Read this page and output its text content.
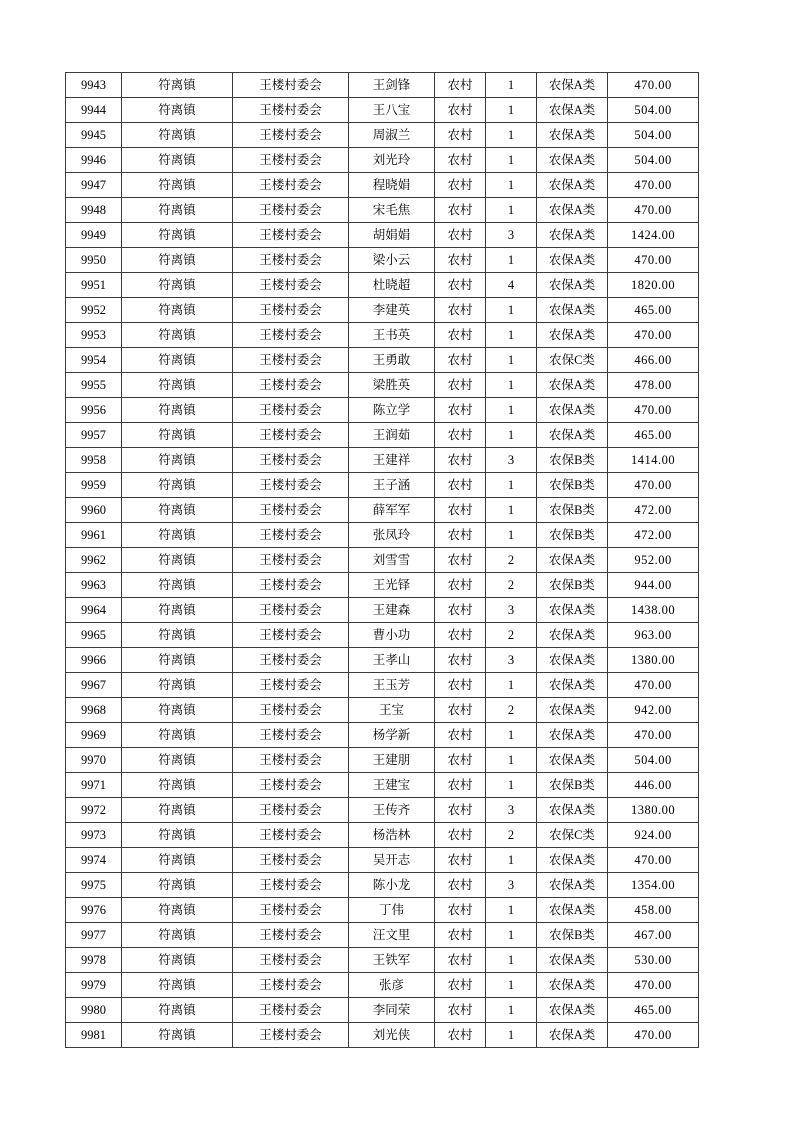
9943	符离镇	王楼村委会	王剑锋	农村	1	农保A类	470.00
9944	符离镇	王楼村委会	王八宝	农村	1	农保A类	504.00
9945	符离镇	王楼村委会	周淑兰	农村	1	农保A类	504.00
9946	符离镇	王楼村委会	刘光玲	农村	1	农保A类	504.00
9947	符离镇	王楼村委会	程晓娟	农村	1	农保A类	470.00
9948	符离镇	王楼村委会	宋毛焦	农村	1	农保A类	470.00
9949	符离镇	王楼村委会	胡娟娟	农村	3	农保A类	1424.00
9950	符离镇	王楼村委会	梁小云	农村	1	农保A类	470.00
9951	符离镇	王楼村委会	杜晓超	农村	4	农保A类	1820.00
9952	符离镇	王楼村委会	李建英	农村	1	农保A类	465.00
9953	符离镇	王楼村委会	王书英	农村	1	农保A类	470.00
9954	符离镇	王楼村委会	王勇敢	农村	1	农保C类	466.00
9955	符离镇	王楼村委会	梁胜英	农村	1	农保A类	478.00
9956	符离镇	王楼村委会	陈立学	农村	1	农保A类	470.00
9957	符离镇	王楼村委会	王润茹	农村	1	农保A类	465.00
9958	符离镇	王楼村委会	王建祥	农村	3	农保B类	1414.00
9959	符离镇	王楼村委会	王子涵	农村	1	农保B类	470.00
9960	符离镇	王楼村委会	薛军军	农村	1	农保B类	472.00
9961	符离镇	王楼村委会	张凤玲	农村	1	农保B类	472.00
9962	符离镇	王楼村委会	刘雪雪	农村	2	农保A类	952.00
9963	符离镇	王楼村委会	王光铎	农村	2	农保B类	944.00
9964	符离镇	王楼村委会	王建森	农村	3	农保A类	1438.00
9965	符离镇	王楼村委会	曹小功	农村	2	农保A类	963.00
9966	符离镇	王楼村委会	王孝山	农村	3	农保A类	1380.00
9967	符离镇	王楼村委会	王玉芳	农村	1	农保A类	470.00
9968	符离镇	王楼村委会	王宝	农村	2	农保A类	942.00
9969	符离镇	王楼村委会	杨学新	农村	1	农保A类	470.00
9970	符离镇	王楼村委会	王建朋	农村	1	农保A类	504.00
9971	符离镇	王楼村委会	王建宝	农村	1	农保B类	446.00
9972	符离镇	王楼村委会	王传齐	农村	3	农保A类	1380.00
9973	符离镇	王楼村委会	杨浩林	农村	2	农保C类	924.00
9974	符离镇	王楼村委会	吴开志	农村	1	农保A类	470.00
9975	符离镇	王楼村委会	陈小龙	农村	3	农保A类	1354.00
9976	符离镇	王楼村委会	丁伟	农村	1	农保A类	458.00
9977	符离镇	王楼村委会	汪文里	农村	1	农保B类	467.00
9978	符离镇	王楼村委会	王铁军	农村	1	农保A类	530.00
9979	符离镇	王楼村委会	张彦	农村	1	农保A类	470.00
9980	符离镇	王楼村委会	李同荣	农村	1	农保A类	465.00
9981	符离镇	王楼村委会	刘光侠	农村	1	农保A类	470.00
